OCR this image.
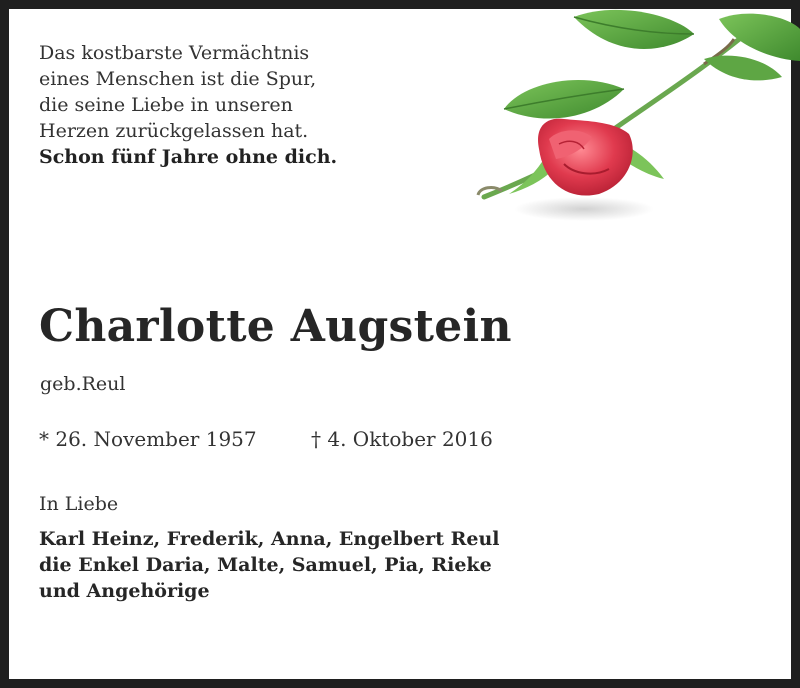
Das kostbarste Vermächtnis
eines Menschen ist die Spur,
die seine Liebe in unseren
Herzen zurückgelassen hat.
Schon fünf Jahre ohne dich.
Charlotte Augstein
geb.Reul
* 26. November 1957	† 4. Oktober 2016
In Liebe
Karl Heinz, Frederik, Anna, Engelbert Reul
die Enkel Daria, Malte, Samuel, Pia, Rieke
und Angehörige
